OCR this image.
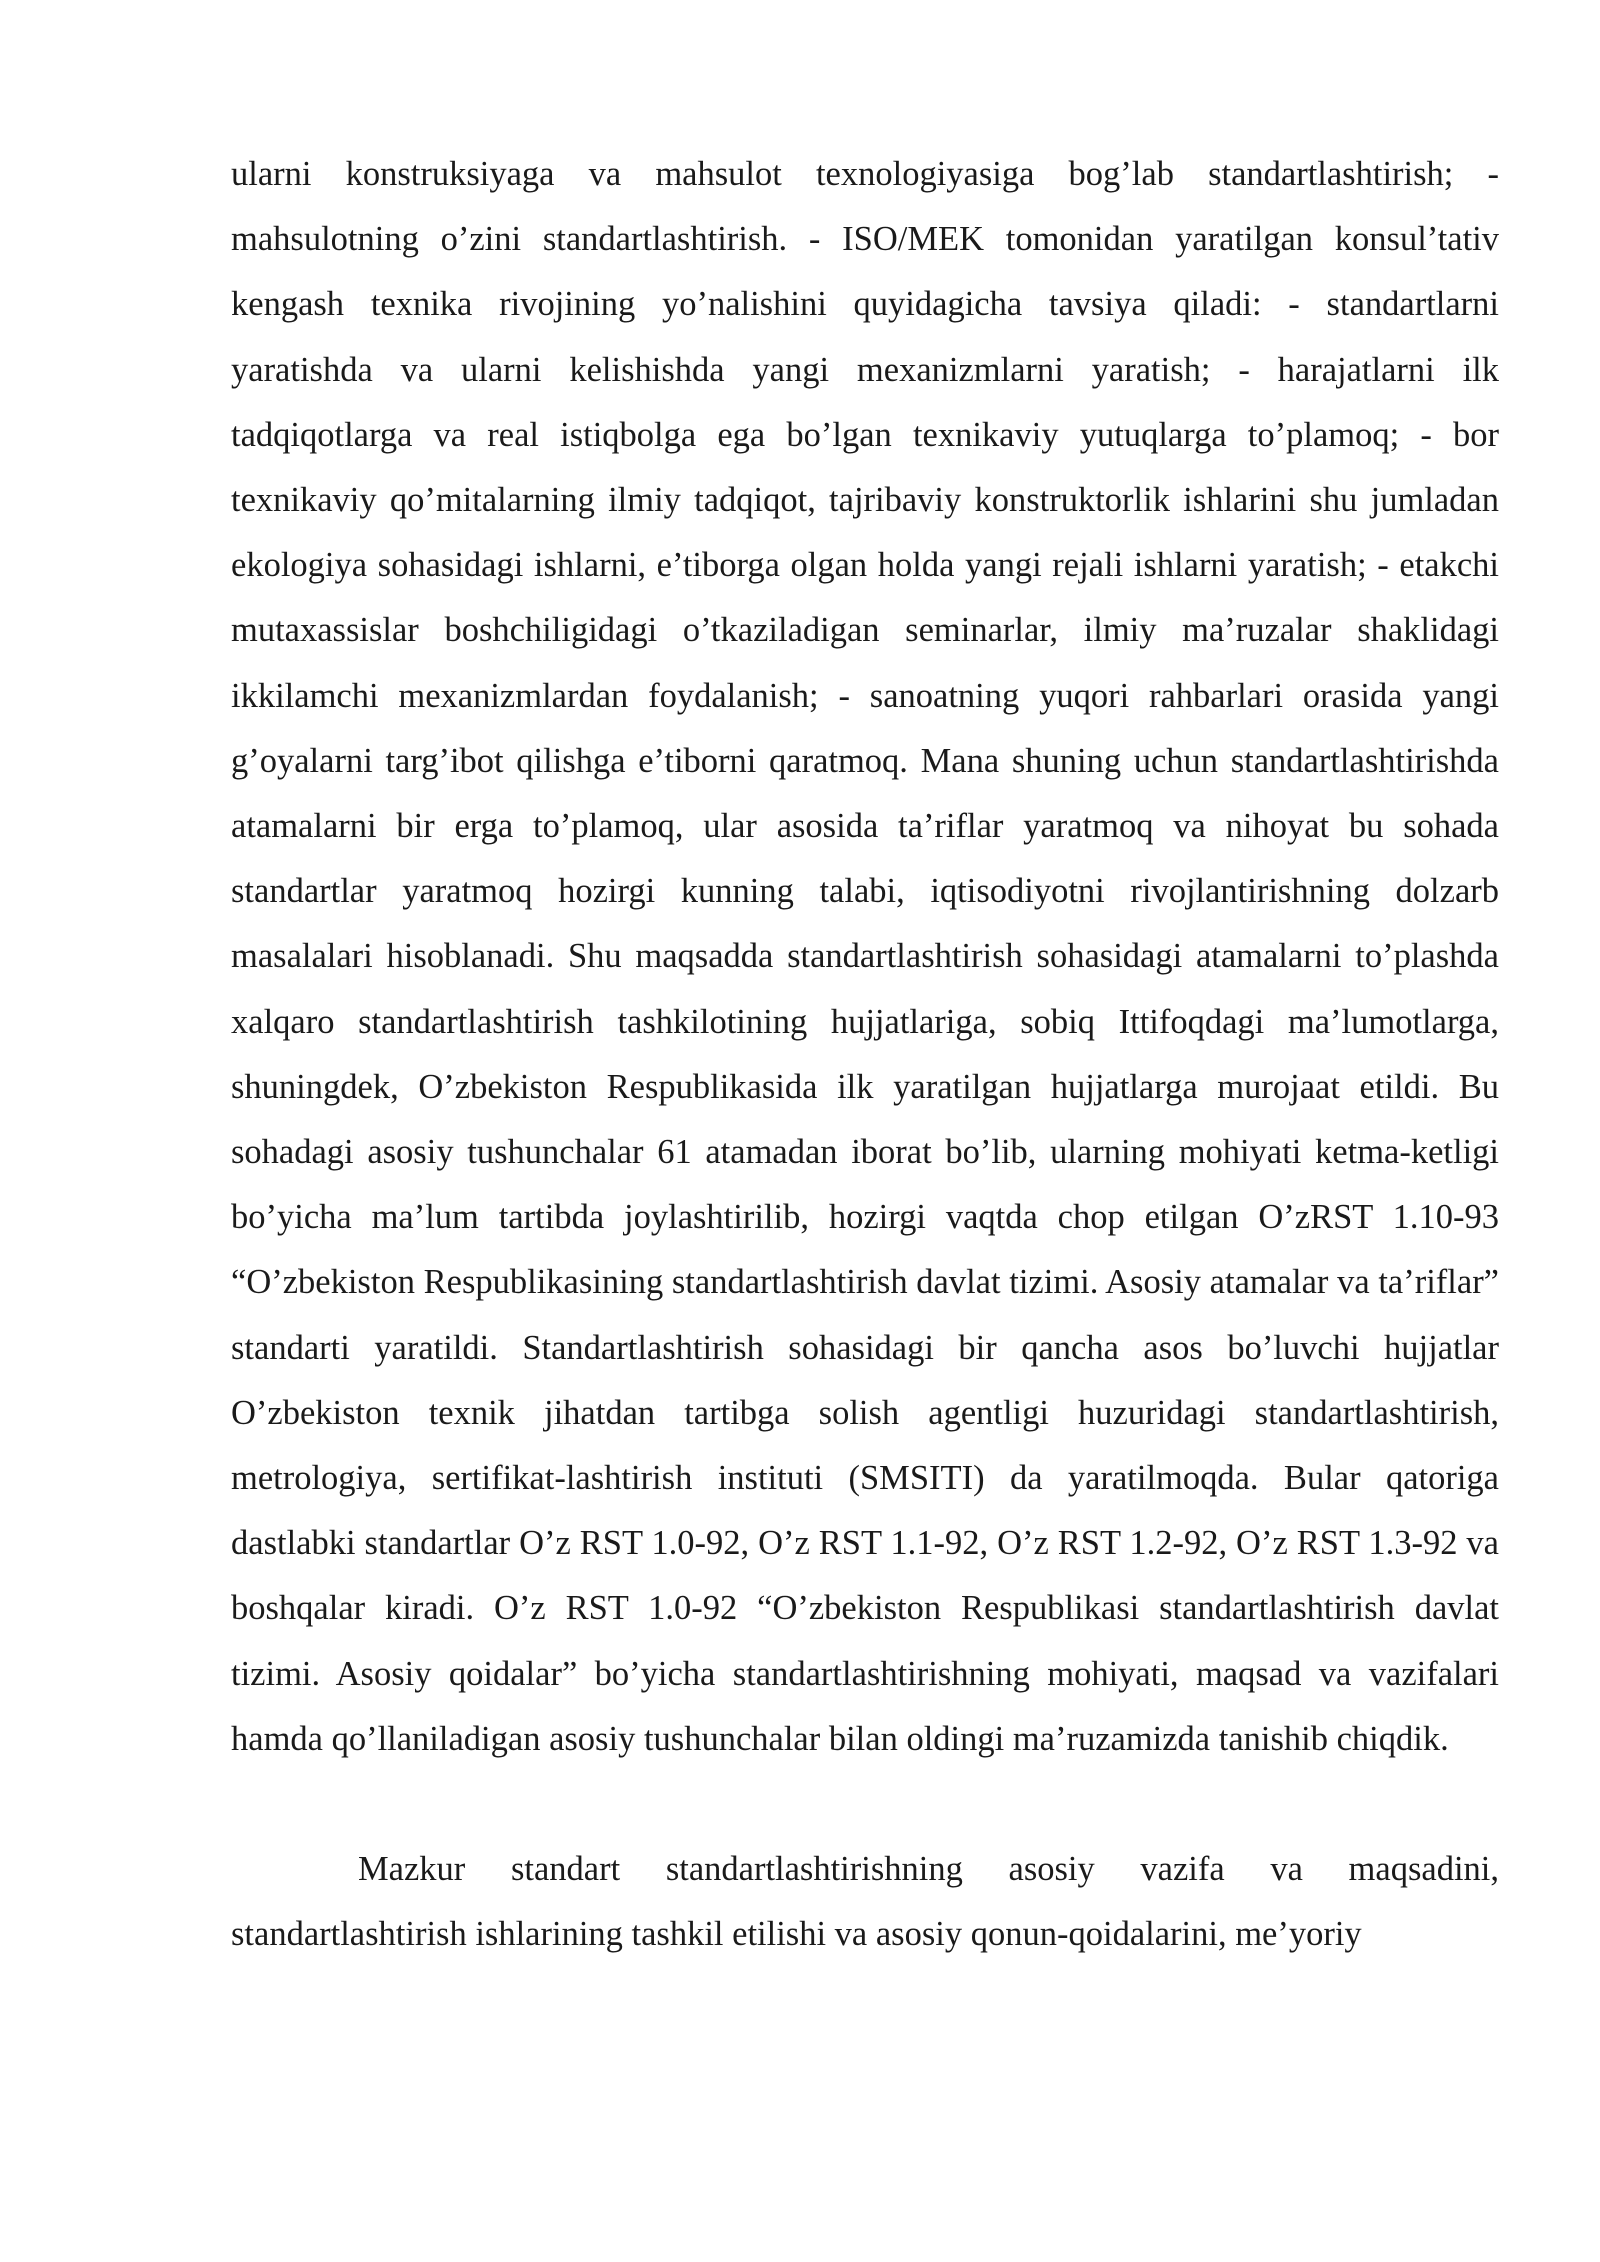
ularni konstruksiyaga va mahsulot texnologiyasiga bog’lab standartlashtirish; - mahsulotning o’zini standartlashtirish. - ISO/MEK tomonidan yaratilgan konsul’tativ kengash texnika rivojining yo’nalishini quyidagicha tavsiya qiladi: - standartlarni yaratishda va ularni kelishishda yangi mexanizmlarni yaratish; - harajatlarni ilk tadqiqotlarga va real istiqbolga ega bo’lgan texnikaviy yutuqlarga to’plamoq; - bor texnikaviy qo’mitalarning ilmiy tadqiqot, tajribaviy konstruktorlik ishlarini shu jumladan ekologiya sohasidagi ishlarni, e’tiborga olgan holda yangi rejali ishlarni yaratish; - etakchi mutaxassislar boshchiligidagi o’tkaziladigan seminarlar, ilmiy ma’ruzalar shaklidagi ikkilamchi mexanizmlardan foydalanish; - sanoatning yuqori rahbarlari orasida yangi g’oyalarni targ’ibot qilishga e’tiborni qaratmoq. Mana shuning uchun standartlashtirishda atamalarni bir erga to’plamoq, ular asosida ta’riflar yaratmoq va nihoyat bu sohada standartlar yaratmoq hozirgi kunning talabi, iqtisodiyotni rivojlantirishning dolzarb masalalari hisoblanadi. Shu maqsadda standartlashtirish sohasidagi atamalarni to’plashda xalqaro standartlashtirish tashkilotining hujjatlariga, sobiq Ittifoqdagi ma’lumotlarga, shuningdek, O’zbekiston Respublikasida ilk yaratilgan hujjatlarga murojaat etildi. Bu sohadagi asosiy tushunchalar 61 atamadan iborat bo’lib, ularning mohiyati ketma-ketligi bo’yicha ma’lum tartibda joylashtirilib, hozirgi vaqtda chop etilgan O’zRST 1.10-93 “O’zbekiston Respublikasining standartlashtirish davlat tizimi. Asosiy atamalar va ta’riflar” standarti yaratildi. Standartlashtirish sohasidagi bir qancha asos bo’luvchi hujjatlar O’zbekiston texnik jihatdan tartibga solish agentligi huzuridagi standartlashtirish, metrologiya, sertifikat-lashtirish instituti (SMSITI) da yaratilmoqda. Bular qatoriga dastlabki standartlar O’z RST 1.0-92, O’z RST 1.1-92, O’z RST 1.2-92, O’z RST 1.3-92 va boshqalar kiradi. O’z RST 1.0-92 “O’zbekiston Respublikasi standartlashtirish davlat tizimi. Asosiy qoidalar” bo’yicha standartlashtirishning mohiyati, maqsad va vazifalari hamda qo’llaniladigan asosiy tushunchalar bilan oldingi ma’ruzamizda tanishib chiqdik.

Mazkur standart standartlashtirishning asosiy vazifa va maqsadini, standartlashtirish ishlarining tashkil etilishi va asosiy qonun-qoidalarini, me’yoriy
